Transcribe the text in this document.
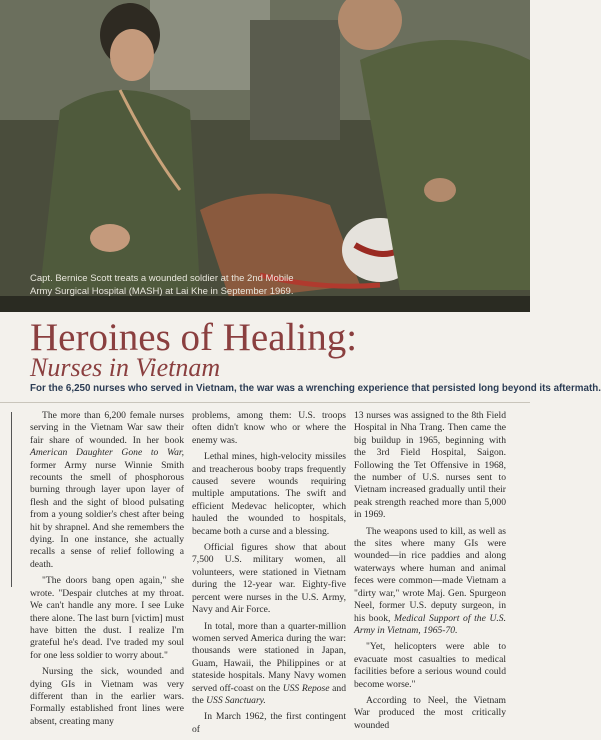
Capt. Bernice Scott treats a wounded soldier at the 2nd Mobile
Army Surgical Hospital (MASH) at Lai Khe in September 1969.
Heroines of Healing:
Nurses in Vietnam
For the 6,250 nurses who served in Vietnam, the war was a wrenching experience that persisted long beyond its aftermath.

The more than 6,200 female nurses serving in the Vietnam War saw their fair share of wounded. In her book American Daughter Gone to War, former Army nurse Winnie Smith recounts the smell of phosphorous burning through layer upon layer of flesh and the sight of blood pulsating from a young soldier's chest after being hit by shrapnel. And she remembers the dying. In one instance, she actually recalls a sense of relief following a death.

"The doors bang open again," she wrote. "Despair clutches at my throat. We can't handle any more. I see Luke there alone. The last burn [victim] must have bitten the dust. I realize I'm grateful he's dead. I've traded my soul for one less soldier to worry about."

Nursing the sick, wounded and dying GIs in Vietnam was very different than in the earlier wars. Formally established front lines were absent, creating many

problems, among them: U.S. troops often didn't know who or where the enemy was.

Lethal mines, high-velocity missiles and treacherous booby traps frequently caused severe wounds requiring multiple amputations. The swift and efficient Medevac helicopter, which hauled the wounded to hospitals, became both a curse and a blessing.

Official figures show that about 7,500 U.S. military women, all volunteers, were stationed in Vietnam during the 12-year war. Eighty-five percent were nurses in the U.S. Army, Navy and Air Force.

In total, more than a quarter-million women served America during the war: thousands were stationed in Japan, Guam, Hawaii, the Philippines or at stateside hospitals. Many Navy women served off-coast on the USS Repose and the USS Sanctuary.

In March 1962, the first contingent of

13 nurses was assigned to the 8th Field Hospital in Nha Trang. Then came the big buildup in 1965, beginning with the 3rd Field Hospital, Saigon. Following the Tet Offensive in 1968, the number of U.S. nurses sent to Vietnam increased gradually until their peak strength reached more than 5,000 in 1969.

The weapons used to kill, as well as the sites where many GIs were wounded—in rice paddies and along waterways where human and animal feces were common—made Vietnam a "dirty war," wrote Maj. Gen. Spurgeon Neel, former U.S. deputy surgeon, in his book, Medical Support of the U.S. Army in Vietnam, 1965-70.

"Yet, helicopters were able to evacuate most casualties to medical facilities before a serious wound could become worse."

According to Neel, the Vietnam War produced the most critically wounded
